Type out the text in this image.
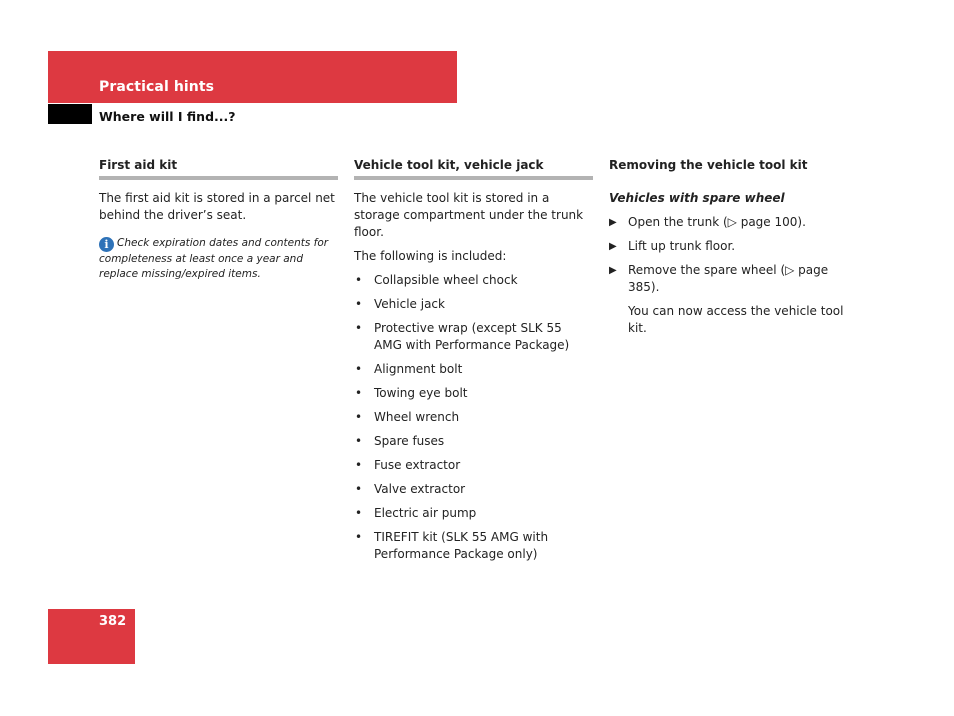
Practical hints
Where will I find...?
First aid kit

The first aid kit is stored in a parcel net behind the driver’s seat.

i Check expiration dates and contents for completeness at least once a year and replace missing/expired items.
Vehicle tool kit, vehicle jack

The vehicle tool kit is stored in a storage compartment under the trunk floor.

The following is included:

• Collapsible wheel chock
• Vehicle jack
• Protective wrap (except SLK 55 AMG with Performance Package)
• Alignment bolt
• Towing eye bolt
• Wheel wrench
• Spare fuses
• Fuse extractor
• Valve extractor
• Electric air pump
• TIREFIT kit (SLK 55 AMG with Performance Package only)
Removing the vehicle tool kit
Vehicles with spare wheel
▶ Open the trunk (▷ page 100).
▶ Lift up trunk floor.
▶ Remove the spare wheel (▷ page 385).

You can now access the vehicle tool kit.

382
